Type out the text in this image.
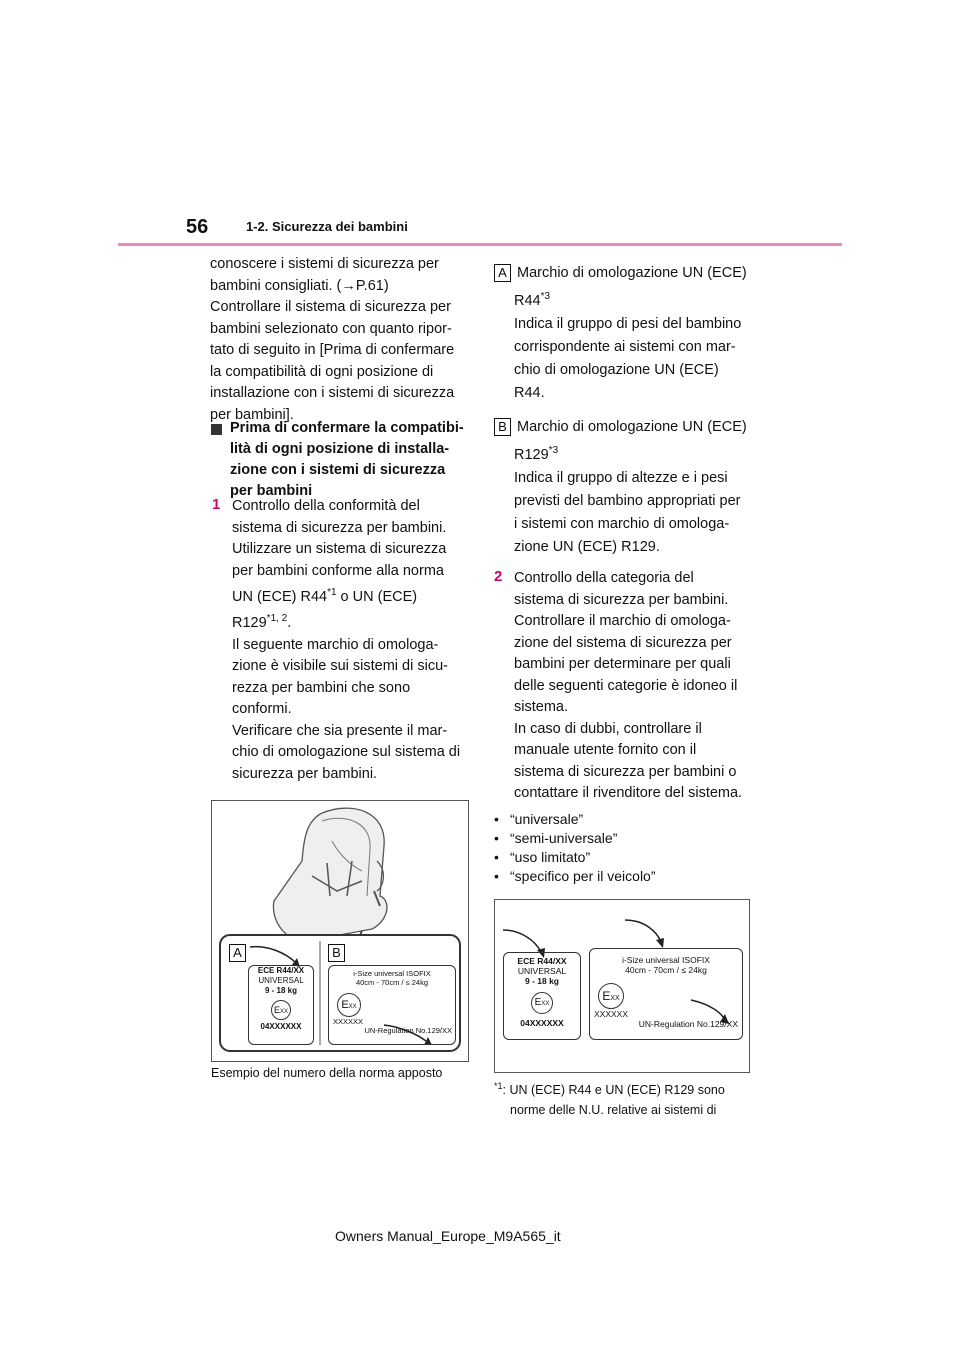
56	1-2. Sicurezza dei bambini
conoscere i sistemi di sicurezza per
bambini consigliati. (→P.61)
Controllare il sistema di sicurezza per
bambini selezionato con quanto ripor-
tato di seguito in [Prima di confermare
la compatibilità di ogni posizione di
installazione con i sistemi di sicurezza
per bambini].
Prima di confermare la compatibi-
lità di ogni posizione di installa-
zione con i sistemi di sicurezza
per bambini
1 Controllo della conformità del
sistema di sicurezza per bambini.
Utilizzare un sistema di sicurezza
per bambini conforme alla norma
UN (ECE) R44$^{*1}$ o UN (ECE)
R129$^{*1, 2}$.
Il seguente marchio di omologa-
zione è visibile sui sistemi di sicu-
rezza per bambini che sono
conformi.
Verificare che sia presente il mar-
chio di omologazione sul sistema di
sicurezza per bambini.
A	B
ECE R44/XX
UNIVERSAL
9 - 18 kg
EXX
04XXXXXX
i-Size universal ISOFIX
40cm - 70cm / ≤ 24kg
EXX
XXXXXX
UN-Regulation No.129/XX
Esempio del numero della norma apposto
A Marchio di omologazione UN (ECE)
R44$^{*3}$
Indica il gruppo di pesi del bambino
corrispondente ai sistemi con mar-
chio di omologazione UN (ECE)
R44.
B Marchio di omologazione UN (ECE)
R129$^{*3}$
Indica il gruppo di altezze e i pesi
previsti del bambino appropriati per
i sistemi con marchio di omologa-
zione UN (ECE) R129.
2 Controllo della categoria del
sistema di sicurezza per bambini.
Controllare il marchio di omologa-
zione del sistema di sicurezza per
bambini per determinare per quali
delle seguenti categorie è idoneo il
sistema.
In caso di dubbi, controllare il
manuale utente fornito con il
sistema di sicurezza per bambini o
contattare il rivenditore del sistema.
• “universale”
• “semi-universale”
• “uso limitato”
• “specifico per il veicolo”
ECE R44/XX
UNIVERSAL
9 - 18 kg
EXX
04XXXXXX
i-Size universal ISOFIX
40cm - 70cm / ≤ 24kg
EXX
XXXXXX
UN-Regulation No.129/XX
$^{*1}$: UN (ECE) R44 e UN (ECE) R129 sono
norme delle N.U. relative ai sistemi di
Owners Manual_Europe_M9A565_it
